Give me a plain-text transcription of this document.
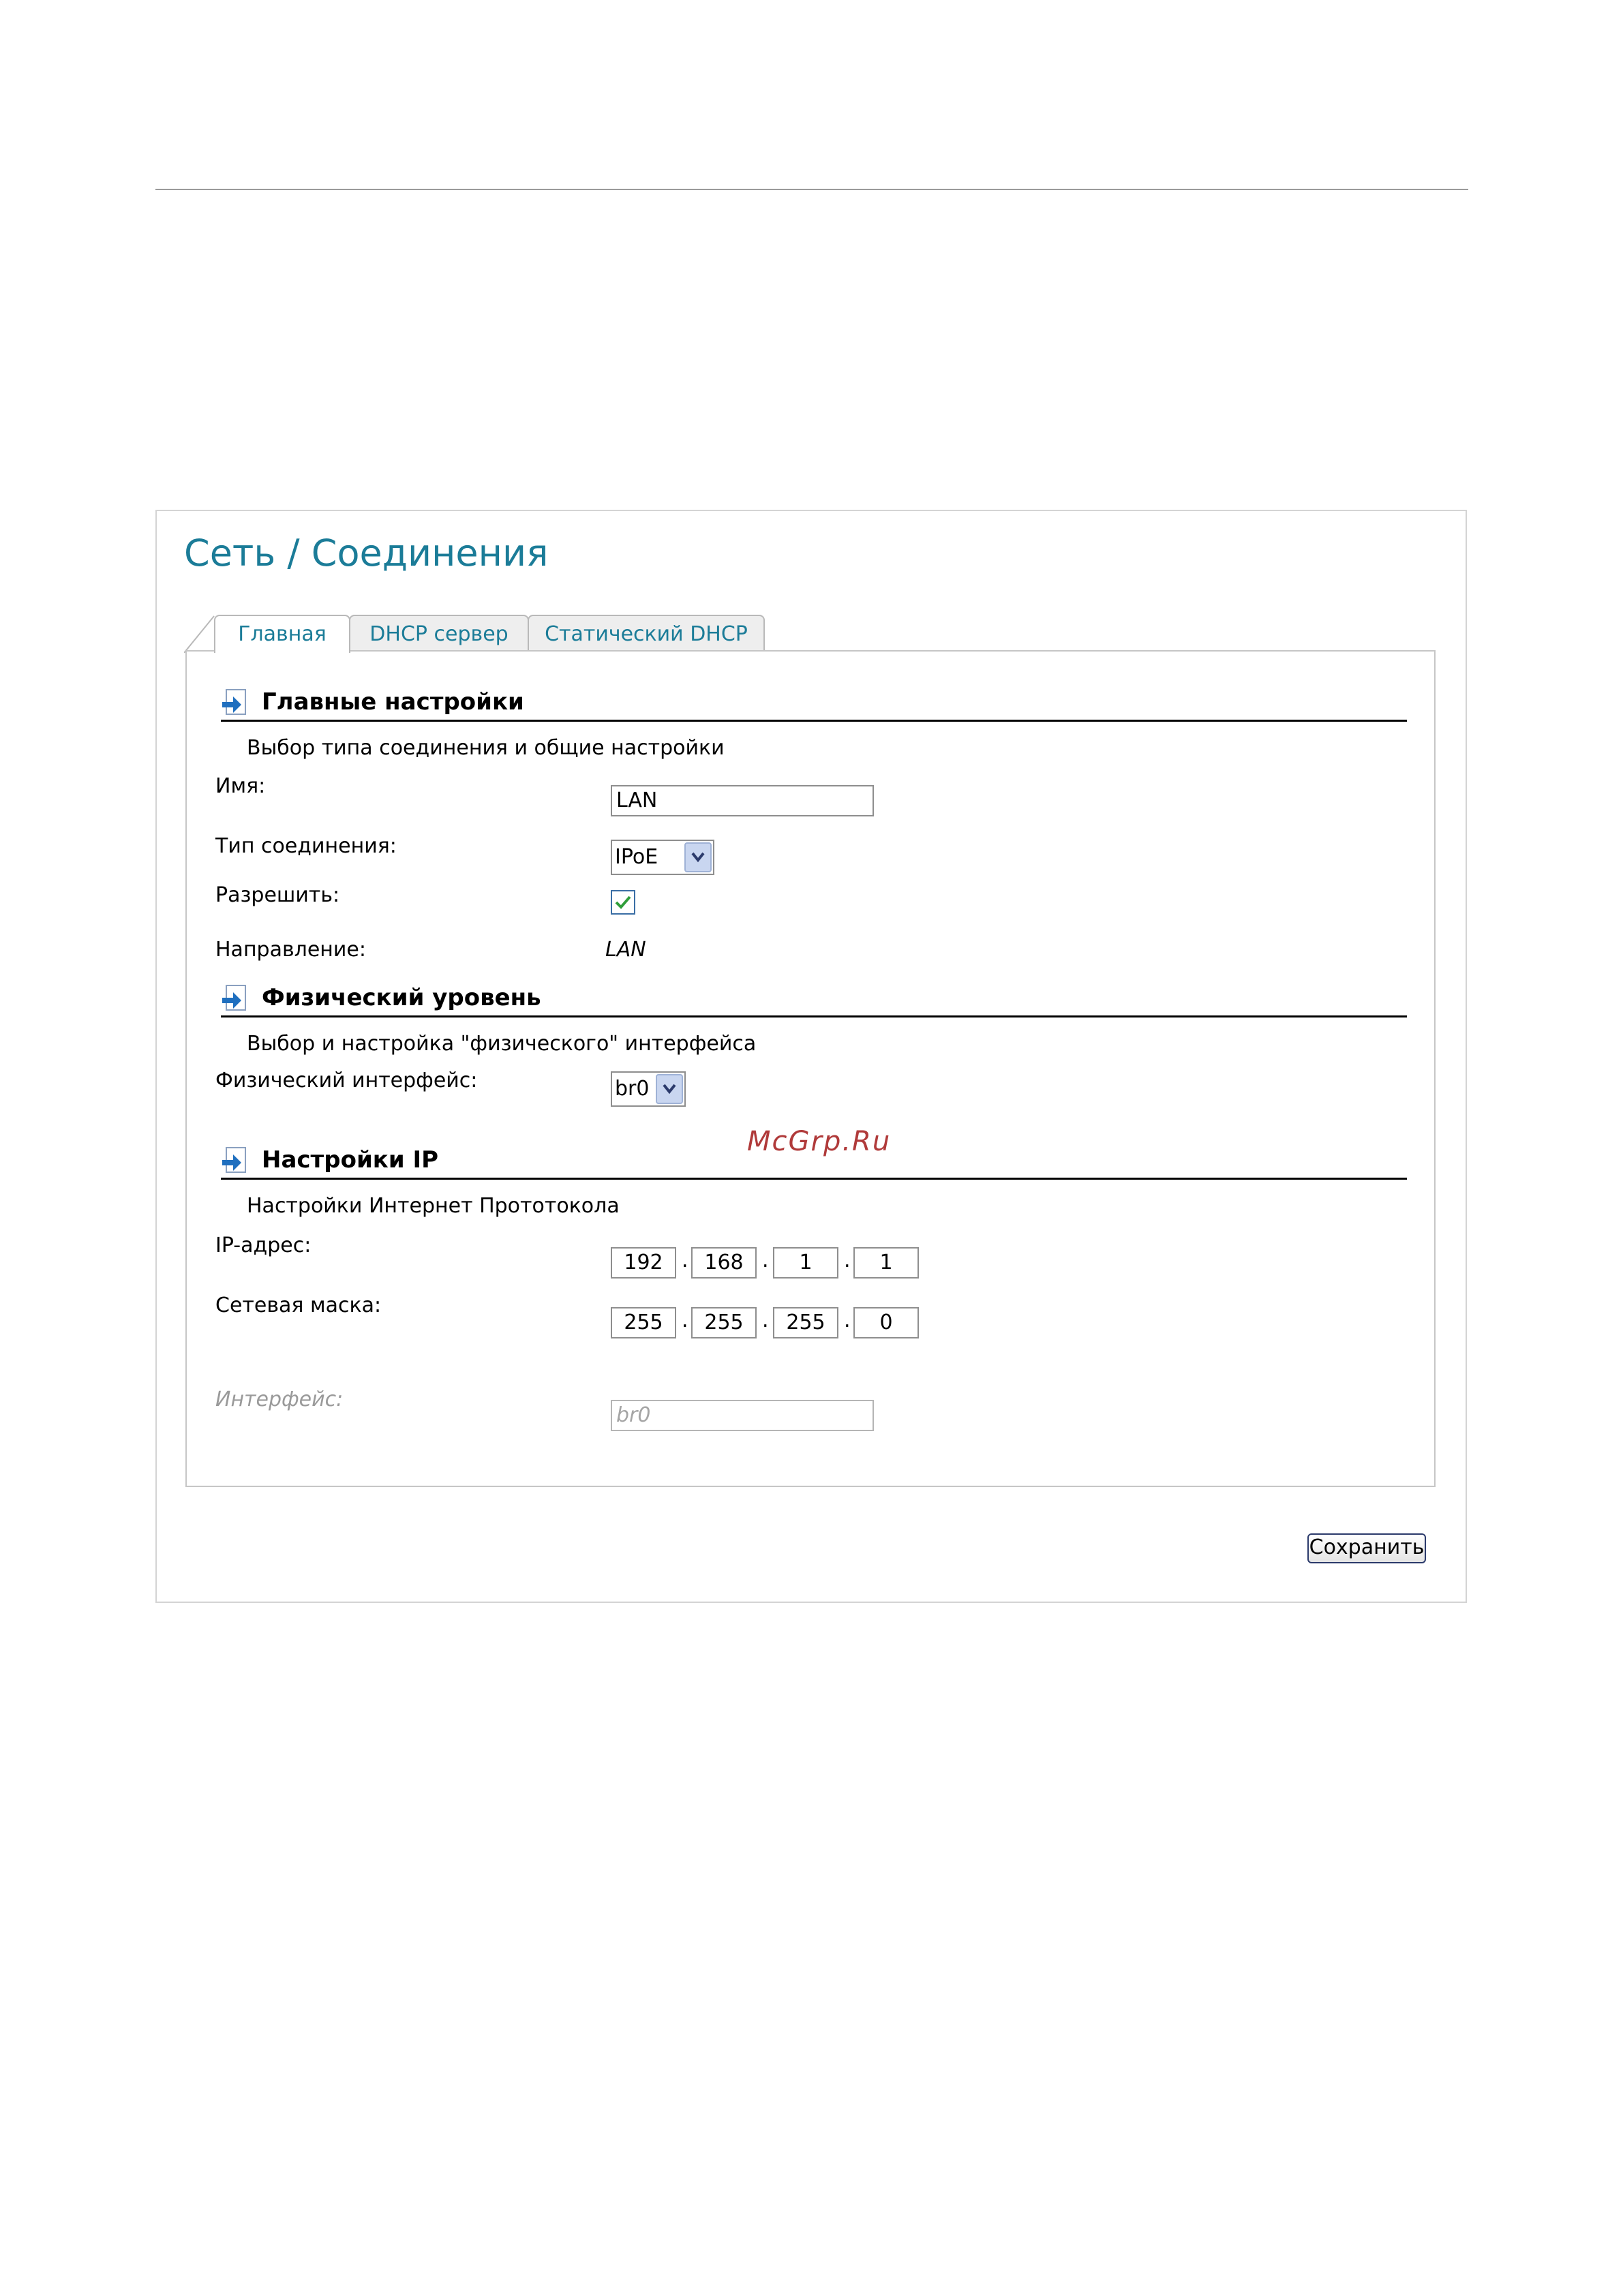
Сеть / Соединения
Главная	DHCP сервер	Статический DHCP
Главные настройки
Выбор типа соединения и общие настройки
Имя:
LAN
Тип соединения:	IPoE
Разрешить:
Направление:	LAN
Физический уровень
Выбор и настройка "физического" интерфейса
Физический интерфейс:	br0
Настройки IP
Настройки Интернет Прототокола
IP-адрес:
192 . 168 .	1	.	1
Сетевая маска:
255 . 255 . 255 .	0
Интерфейс:
br0
Сохранить
McGrp.Ru
